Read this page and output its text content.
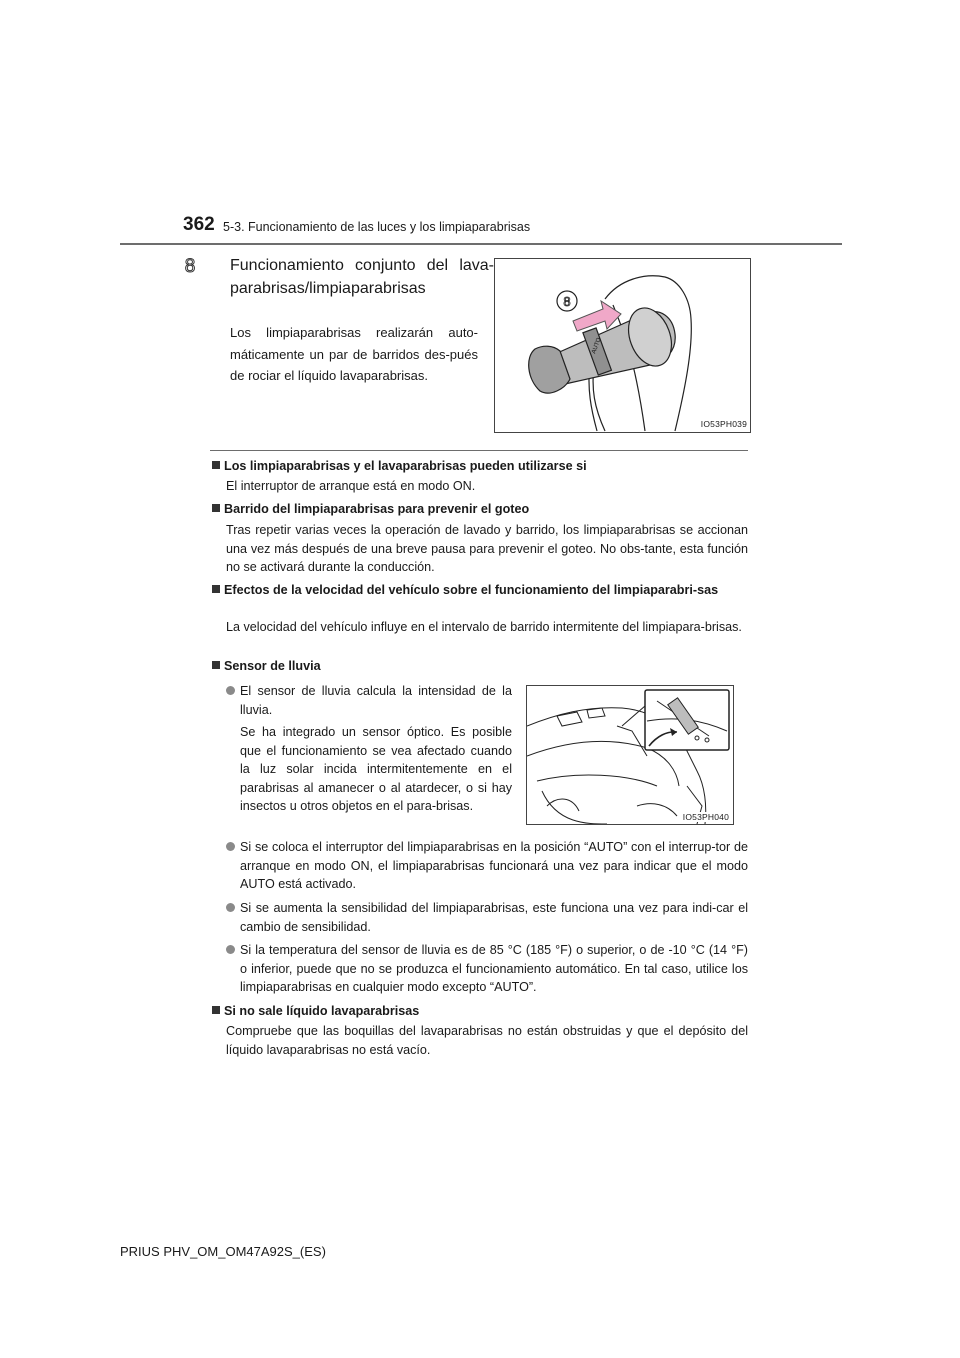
362 5-3. Funcionamiento de las luces y los limpiaparabrisas
8 Funcionamiento conjunto del lava-parabrisas/limpiaparabrisas
Los limpiaparabrisas realizarán auto-máticamente un par de barridos des-pués de rociar el líquido lavaparabrisas.
AUTO
8
IO53PH039
Los limpiaparabrisas y el lavaparabrisas pueden utilizarse si
El interruptor de arranque está en modo ON.
Barrido del limpiaparabrisas para prevenir el goteo
Tras repetir varias veces la operación de lavado y barrido, los limpiaparabrisas se accionan una vez más después de una breve pausa para prevenir el goteo. No obs-tante, esta función no se activará durante la conducción.
Efectos de la velocidad del vehículo sobre el funcionamiento del limpiaparabri-sas
La velocidad del vehículo influye en el intervalo de barrido intermitente del limpiapara-brisas.
Sensor de lluvia
El sensor de lluvia calcula la intensidad de la lluvia.
Se ha integrado un sensor óptico. Es posible que el funcionamiento se vea afectado cuando la luz solar incida intermitentemente en el parabrisas al amanecer o al atardecer, o si hay insectos u otros objetos en el para-brisas.
IO53PH040
Si se coloca el interruptor del limpiaparabrisas en la posición “AUTO” con el interrup-tor de arranque en modo ON, el limpiaparabrisas funcionará una vez para indicar que el modo AUTO está activado.
Si se aumenta la sensibilidad del limpiaparabrisas, este funciona una vez para indi-car el cambio de sensibilidad.
Si la temperatura del sensor de lluvia es de 85 °C (185 °F) o superior, o de -10 °C (14 °F) o inferior, puede que no se produzca el funcionamiento automático. En tal caso, utilice los limpiaparabrisas en cualquier modo excepto “AUTO”.
Si no sale líquido lavaparabrisas
Compruebe que las boquillas del lavaparabrisas no están obstruidas y que el depósito del líquido lavaparabrisas no está vacío.
PRIUS PHV_OM_OM47A92S_(ES)
